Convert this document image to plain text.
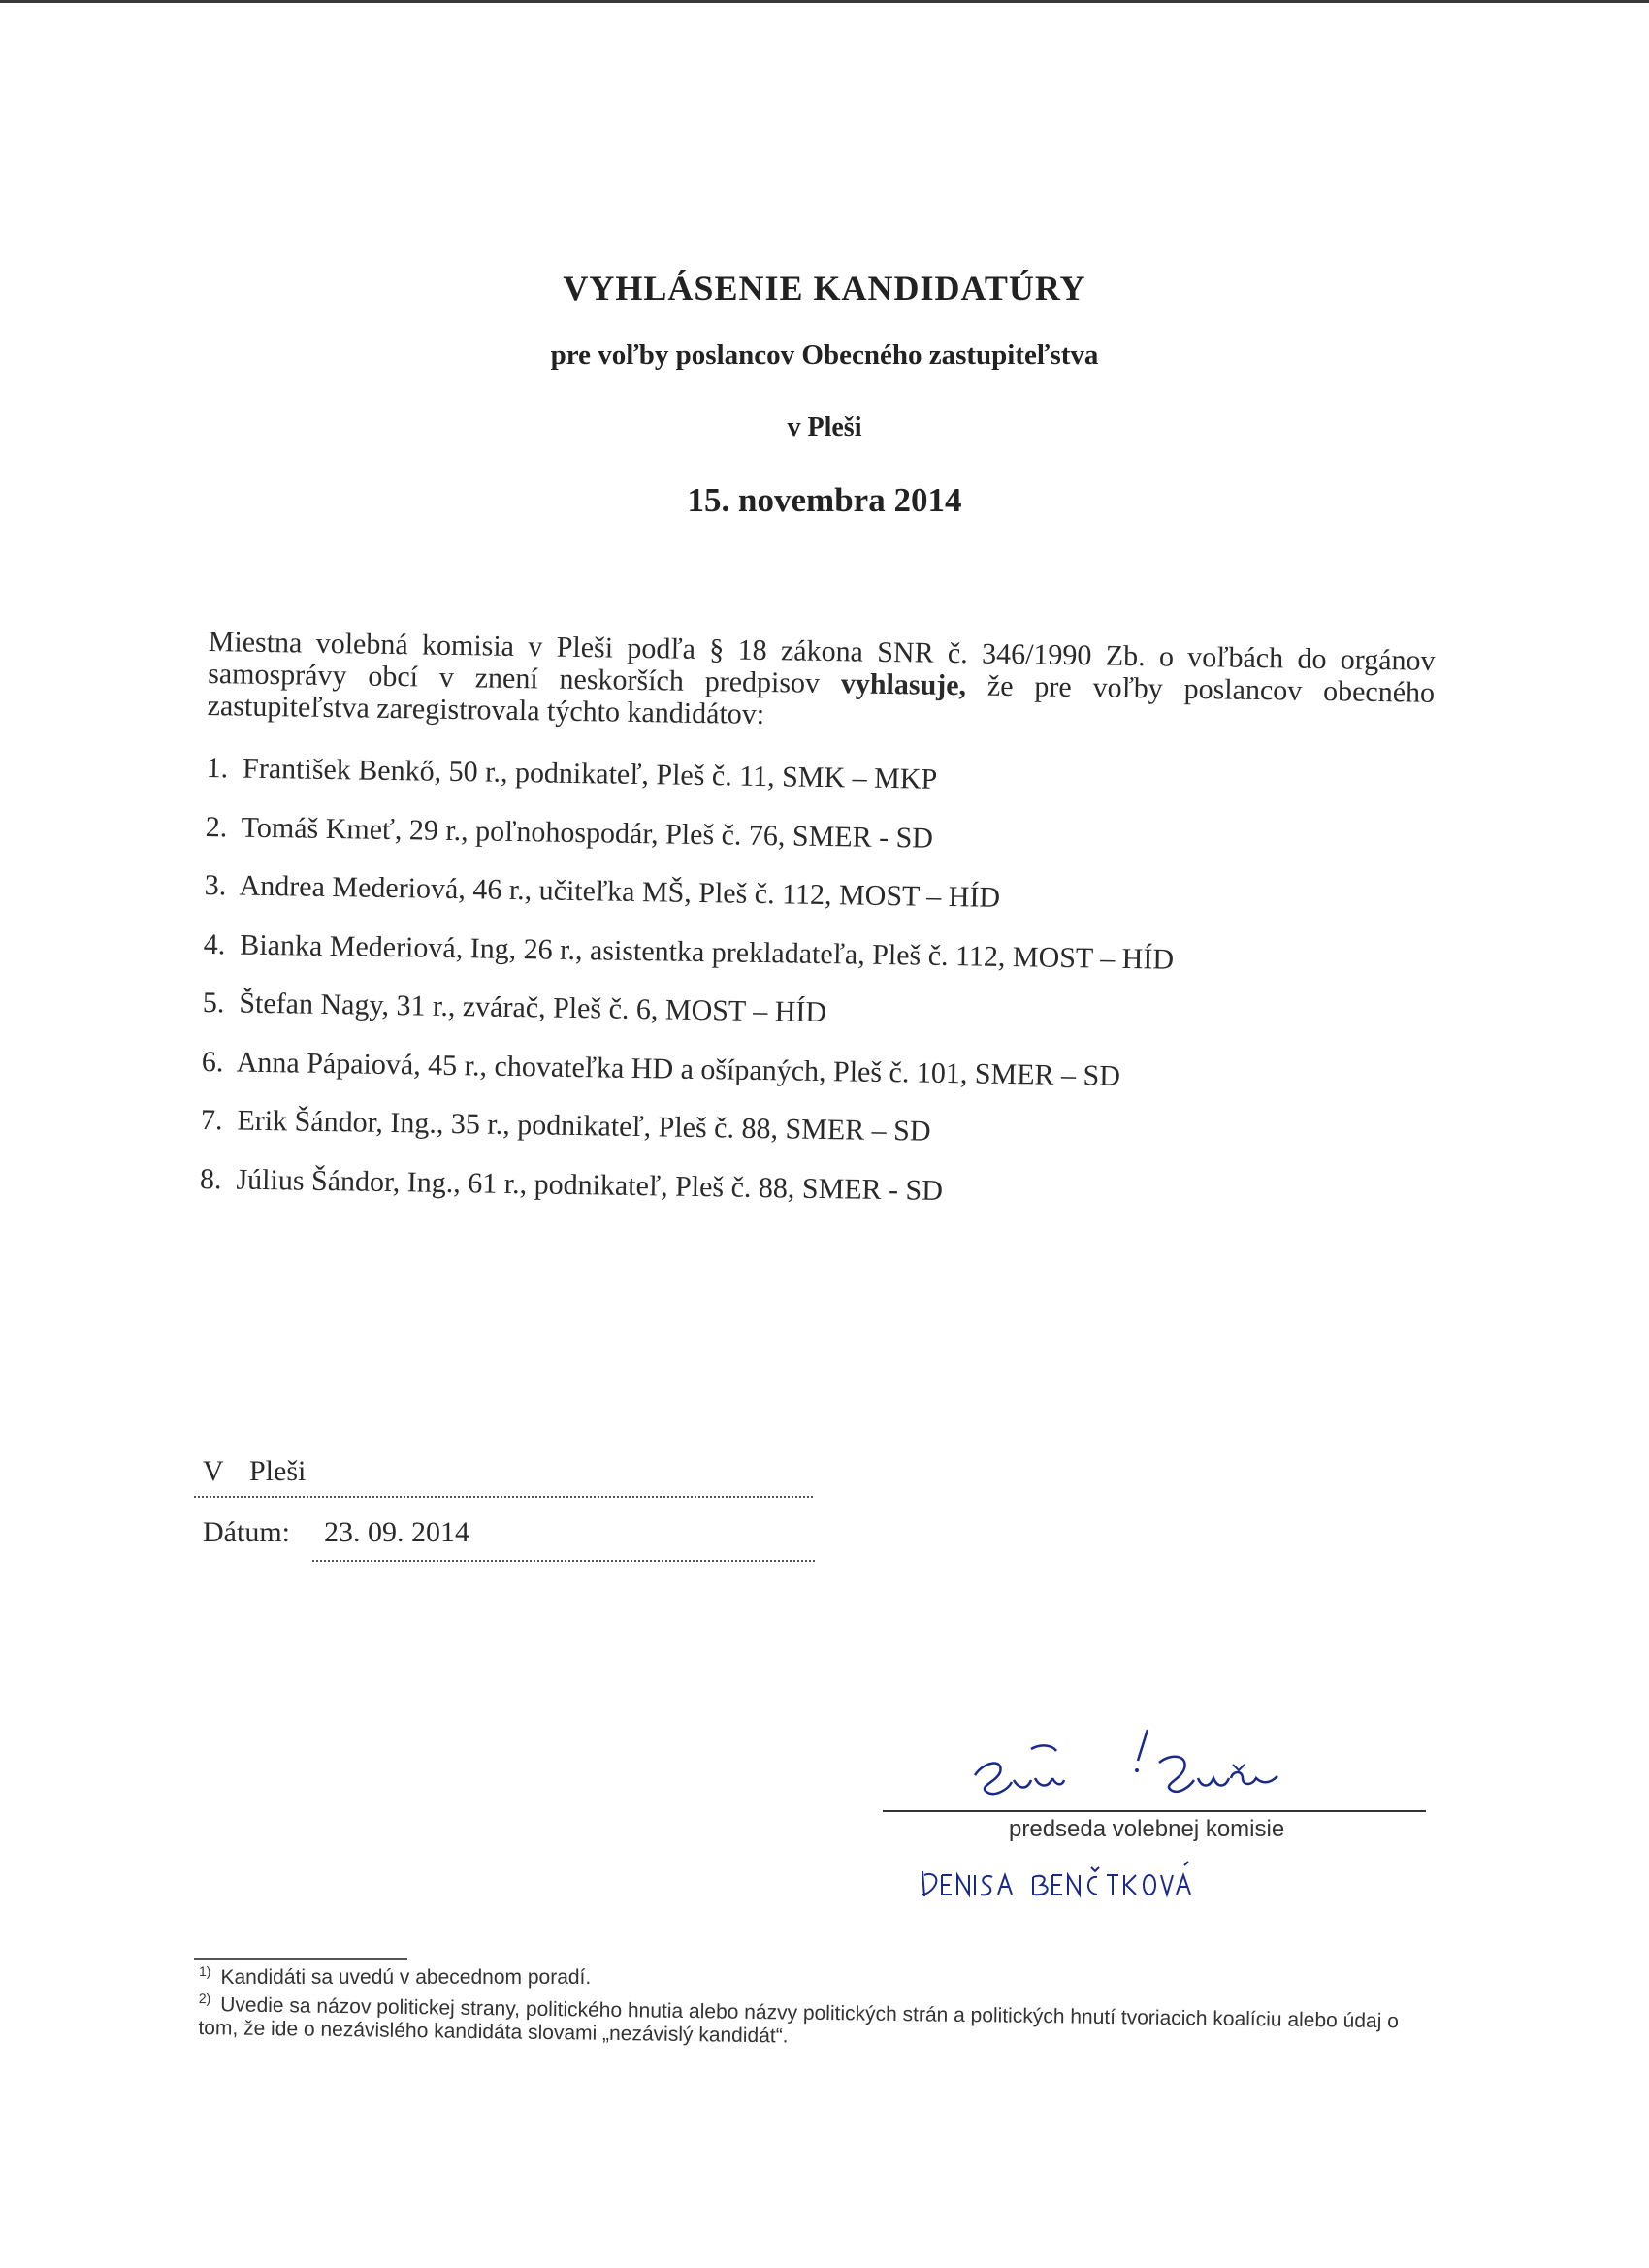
VYHLÁSENIE KANDIDATÚRY
pre voľby poslancov Obecného zastupiteľstva
v Pleši
15. novembra 2014

Miestna volebná komisia v Pleši podľa § 18 zákona SNR č. 346/1990 Zb. o voľbách do orgánov samosprávy obcí v znení neskorších predpisov vyhlasuje, že pre voľby poslancov obecného zastupiteľstva zaregistrovala týchto kandidátov:

1. František Benkő, 50 r., podnikateľ, Pleš č. 11, SMK – MKP
2. Tomáš Kmeť, 29 r., poľnohospodár, Pleš č. 76, SMER - SD
3. Andrea Mederiová, 46 r., učiteľka MŠ, Pleš č. 112, MOST – HÍD
4. Bianka Mederiová, Ing, 26 r., asistentka prekladateľa, Pleš č. 112, MOST – HÍD
5. Štefan Nagy, 31 r., zvárač, Pleš č. 6, MOST – HÍD
6. Anna Pápaiová, 45 r., chovateľka HD a ošípaných, Pleš č. 101, SMER – SD
7. Erik Šándor, Ing., 35 r., podnikateľ, Pleš č. 88, SMER – SD
8. Július Šándor, Ing., 61 r., podnikateľ, Pleš č. 88, SMER - SD
V Pleši
Dátum: 23. 09. 2014
predseda volebnej komisie
$^{1)}$ Kandidáti sa uvedú v abecednom poradí.
$^{2)}$ Uvedie sa názov politickej strany, politického hnutia alebo názvy politických strán a politických hnutí tvoriacich koalíciu alebo údaj o tom, že ide o nezávislého kandidáta slovami „nezávislý kandidát“.
